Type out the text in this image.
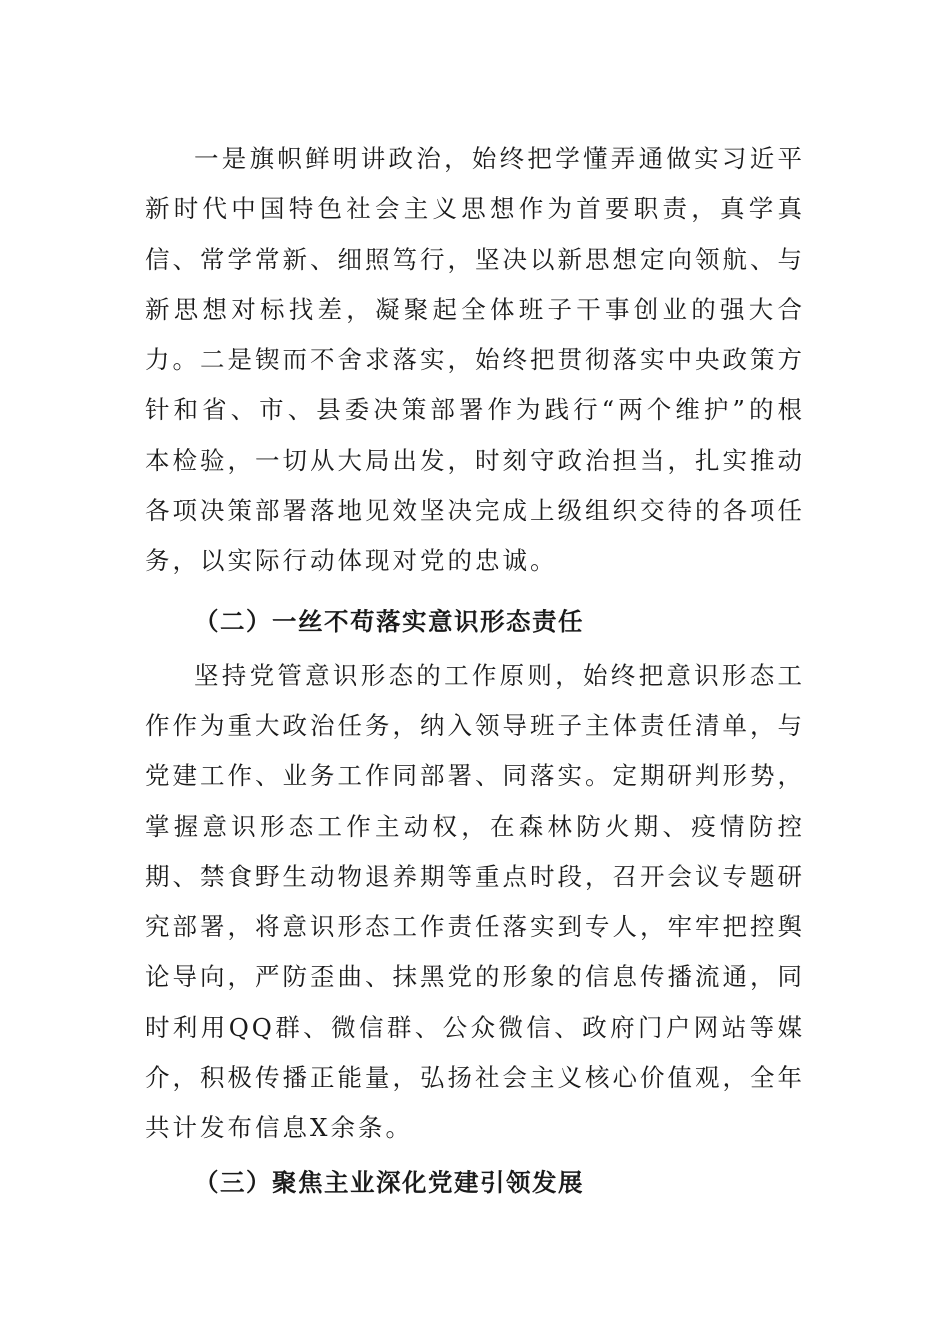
一是旗帜鲜明讲政治，始终把学懂弄通做实习近平新时代中国特色社会主义思想作为首要职责，真学真信、常学常新、细照笃行，坚决以新思想定向领航、与新思想对标找差，凝聚起全体班子干事创业的强大合力。二是锲而不舍求落实，始终把贯彻落实中央政策方针和省、市、县委决策部署作为践行“两个维护”的根本检验，一切从大局出发，时刻守政治担当，扎实推动各项决策部署落地见效坚决完成上级组织交待的各项任务，以实际行动体现对党的忠诚。

（二）一丝不苟落实意识形态责任

坚持党管意识形态的工作原则，始终把意识形态工作作为重大政治任务，纳入领导班子主体责任清单，与党建工作、业务工作同部署、同落实。定期研判形势，掌握意识形态工作主动权，在森林防火期、疫情防控期、禁食野生动物退养期等重点时段，召开会议专题研究部署，将意识形态工作责任落实到专人，牢牢把控舆论导向，严防歪曲、抹黑党的形象的信息传播流通，同时利用QQ群、微信群、公众微信、政府门户网站等媒介，积极传播正能量，弘扬社会主义核心价值观，全年共计发布信息X余条。

（三）聚焦主业深化党建引领发展
